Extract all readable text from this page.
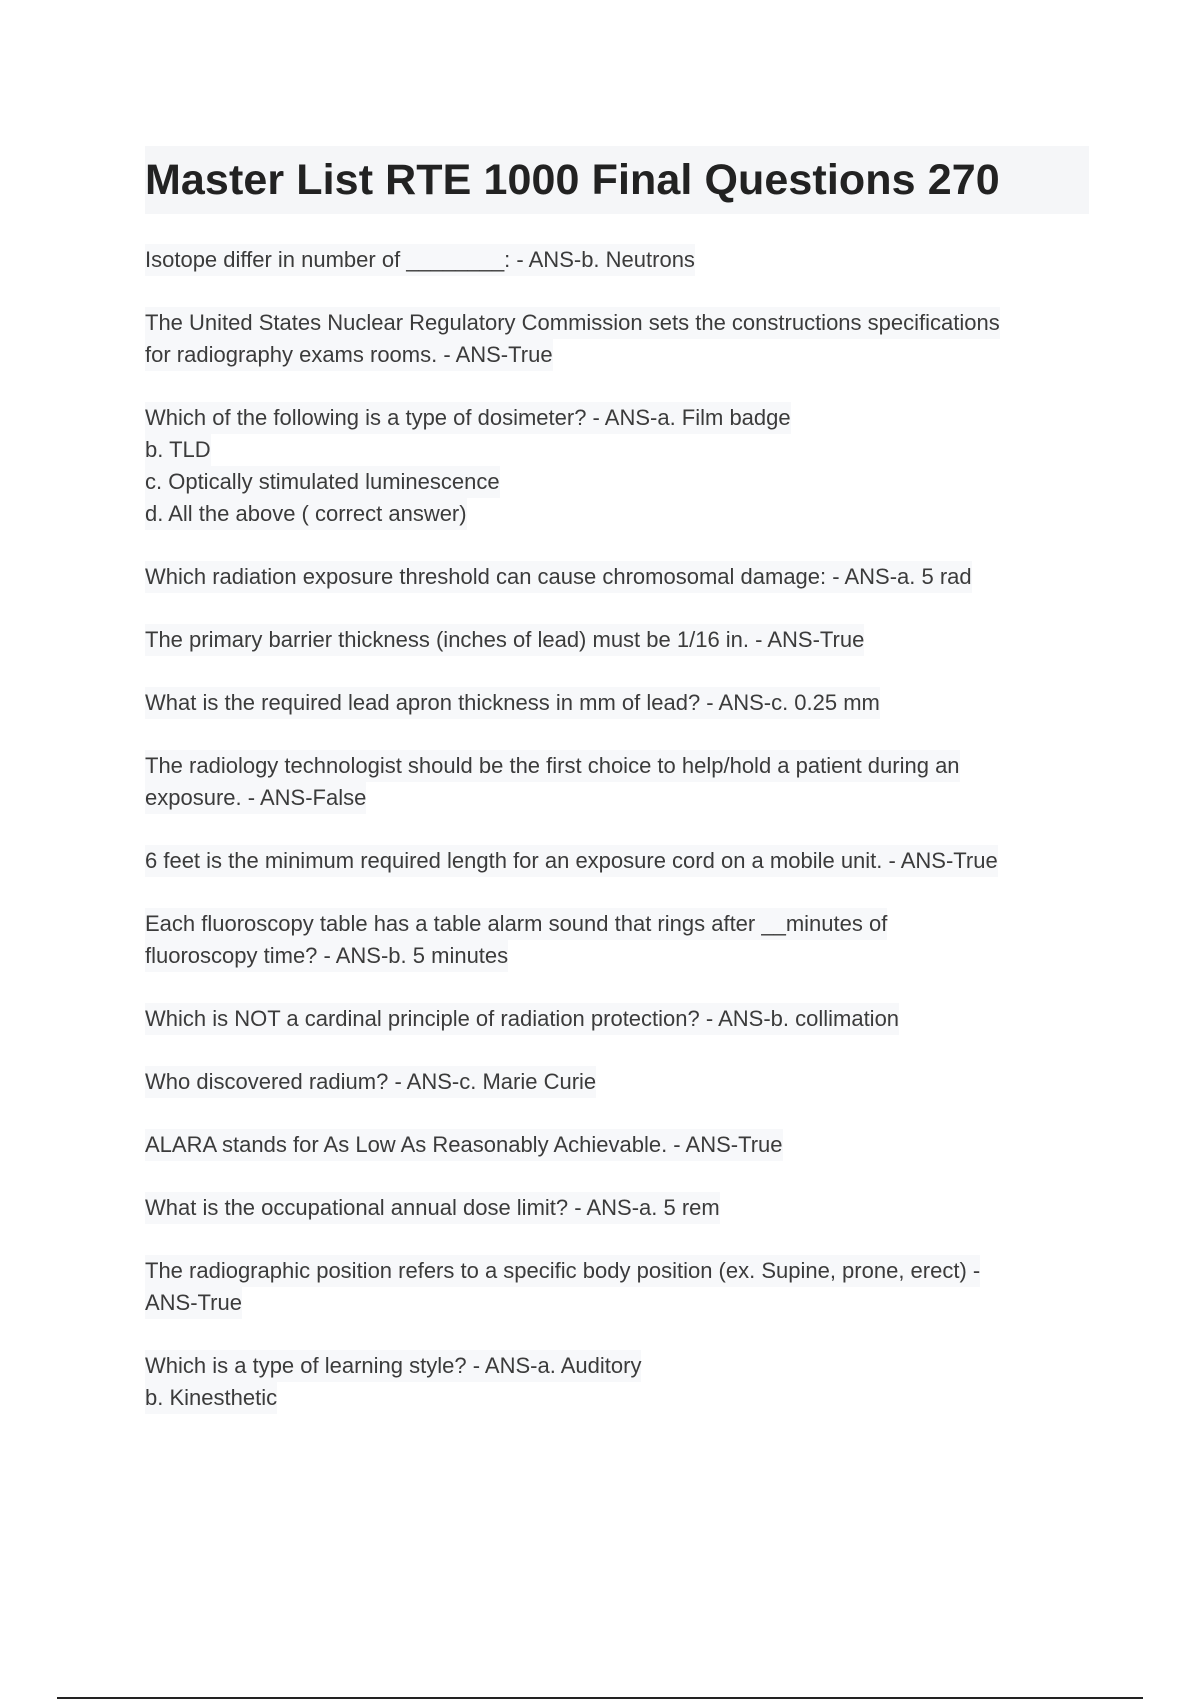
Master List RTE 1000 Final Questions 270
Isotope differ in number of ________: - ANS-b. Neutrons
The United States Nuclear Regulatory Commission sets the constructions specifications
for radiography exams rooms. - ANS-True
Which of the following is a type of dosimeter? - ANS-a. Film badge
b. TLD
c. Optically stimulated luminescence
d. All the above ( correct answer)
Which radiation exposure threshold can cause chromosomal damage: - ANS-a. 5 rad
The primary barrier thickness (inches of lead) must be 1/16 in. - ANS-True
What is the required lead apron thickness in mm of lead? - ANS-c. 0.25 mm
The radiology technologist should be the first choice to help/hold a patient during an
exposure. - ANS-False
6 feet is the minimum required length for an exposure cord on a mobile unit. - ANS-True
Each fluoroscopy table has a table alarm sound that rings after __minutes of
fluoroscopy time? - ANS-b. 5 minutes
Which is NOT a cardinal principle of radiation protection? - ANS-b. collimation
Who discovered radium? - ANS-c. Marie Curie
ALARA stands for As Low As Reasonably Achievable. - ANS-True
What is the occupational annual dose limit? - ANS-a. 5 rem
The radiographic position refers to a specific body position (ex. Supine, prone, erect) -
ANS-True
Which is a type of learning style? - ANS-a. Auditory
b. Kinesthetic
